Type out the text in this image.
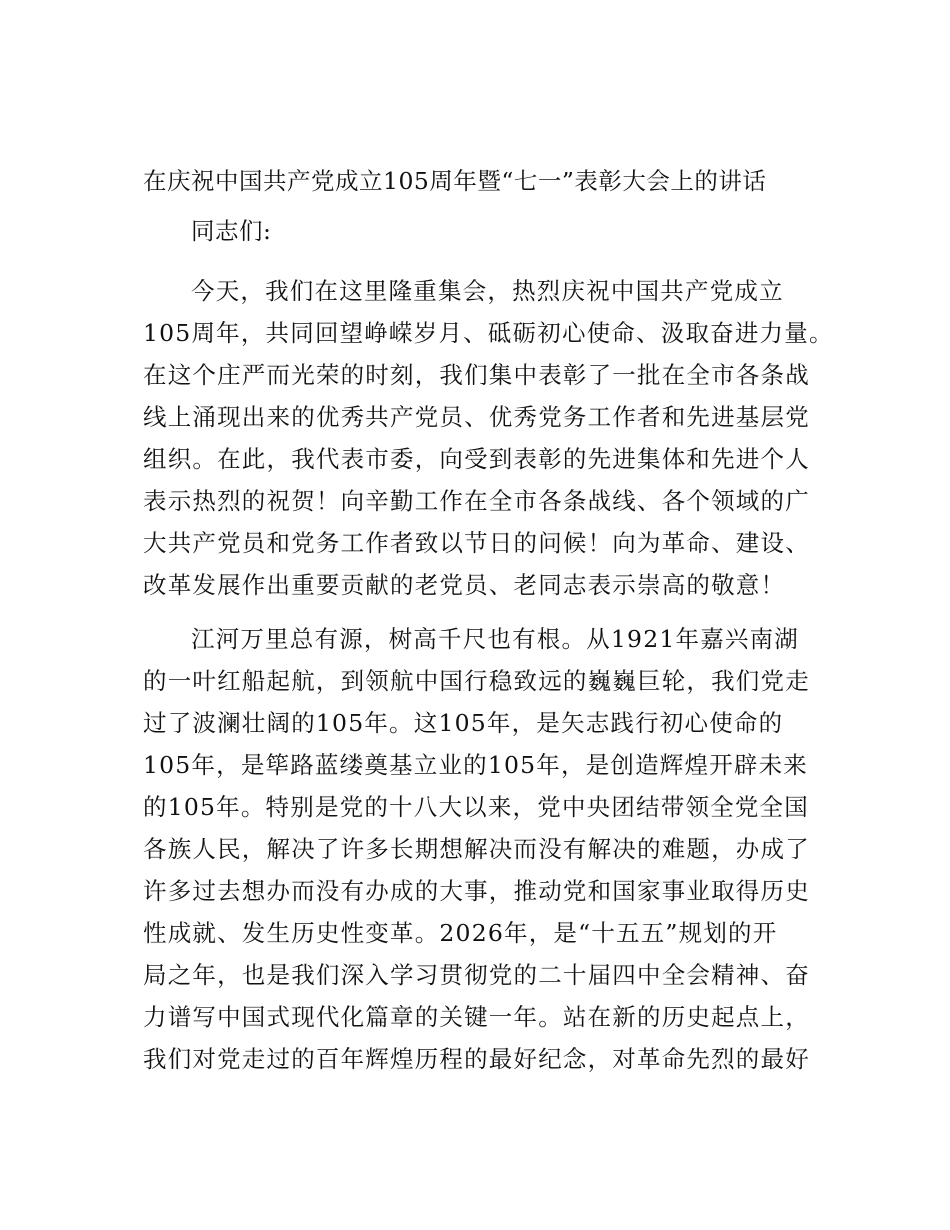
在庆祝中国共产党成立105周年暨“七一”表彰大会上的讲话

同志们:

今天，我们在这里隆重集会，热烈庆祝中国共产党成立
105周年，共同回望峥嵘岁月、砥砺初心使命、汲取奋进力量。
在这个庄严而光荣的时刻，我们集中表彰了一批在全市各条战
线上涌现出来的优秀共产党员、优秀党务工作者和先进基层党
组织。在此，我代表市委，向受到表彰的先进集体和先进个人
表示热烈的祝贺！向辛勤工作在全市各条战线、各个领域的广
大共产党员和党务工作者致以节日的问候！向为革命、建设、
改革发展作出重要贡献的老党员、老同志表示崇高的敬意！

江河万里总有源，树高千尺也有根。从1921年嘉兴南湖
的一叶红船起航，到领航中国行稳致远的巍巍巨轮，我们党走
过了波澜壮阔的105年。这105年，是矢志践行初心使命的
105年，是筚路蓝缕奠基立业的105年，是创造辉煌开辟未来
的105年。特别是党的十八大以来，党中央团结带领全党全国
各族人民，解决了许多长期想解决而没有解决的难题，办成了
许多过去想办而没有办成的大事，推动党和国家事业取得历史
性成就、发生历史性变革。2026年，是“十五五”规划的开
局之年，也是我们深入学习贯彻党的二十届四中全会精神、奋
力谱写中国式现代化篇章的关键一年。站在新的历史起点上，
我们对党走过的百年辉煌历程的最好纪念，对革命先烈的最好
